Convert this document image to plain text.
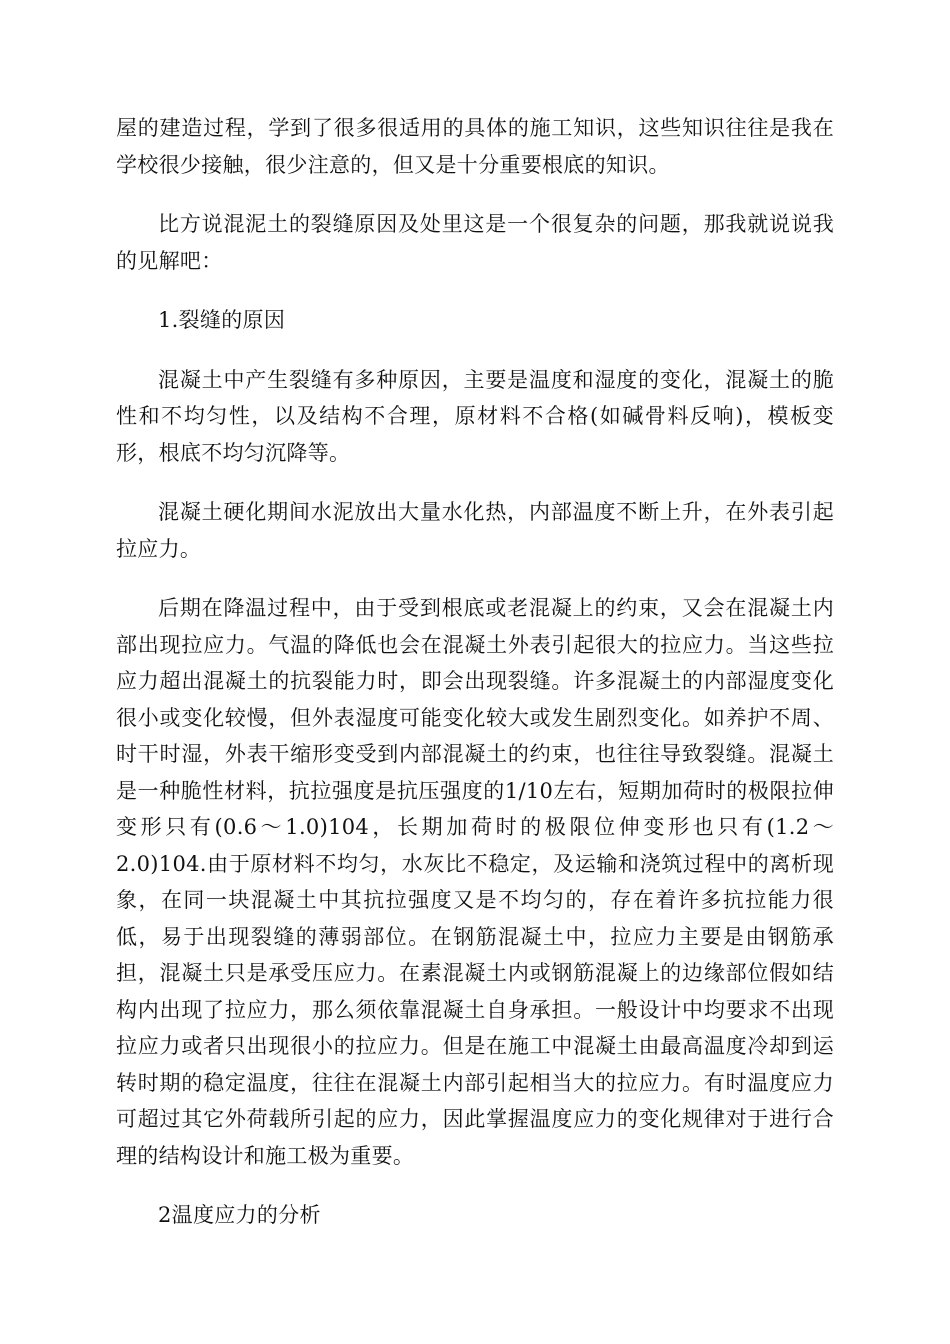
屋的建造过程，学到了很多很适用的具体的施工知识，这些知识往往是我在学校很少接触，很少注意的，但又是十分重要根底的知识。

比方说混泥土的裂缝原因及处里这是一个很复杂的问题，那我就说说我的见解吧：

1.裂缝的原因

混凝土中产生裂缝有多种原因，主要是温度和湿度的变化，混凝土的脆性和不均匀性，以及结构不合理，原材料不合格(如碱骨料反响)，模板变形，根底不均匀沉降等。

混凝土硬化期间水泥放出大量水化热，内部温度不断上升，在外表引起拉应力。

后期在降温过程中，由于受到根底或老混凝上的约束，又会在混凝土内部出现拉应力。气温的降低也会在混凝土外表引起很大的拉应力。当这些拉应力超出混凝土的抗裂能力时，即会出现裂缝。许多混凝土的内部湿度变化很小或变化较慢，但外表湿度可能变化较大或发生剧烈变化。如养护不周、时干时湿，外表干缩形变受到内部混凝土的约束，也往往导致裂缝。混凝土是一种脆性材料，抗拉强度是抗压强度的1/10左右，短期加荷时的极限拉伸变形只有(0.6～1.0)104，长期加荷时的极限位伸变形也只有(1.2～2.0)104.由于原材料不均匀，水灰比不稳定，及运输和浇筑过程中的离析现象，在同一块混凝土中其抗拉强度又是不均匀的，存在着许多抗拉能力很低，易于出现裂缝的薄弱部位。在钢筋混凝土中，拉应力主要是由钢筋承担，混凝土只是承受压应力。在素混凝土内或钢筋混凝上的边缘部位假如结构内出现了拉应力，那么须依靠混凝土自身承担。一般设计中均要求不出现拉应力或者只出现很小的拉应力。但是在施工中混凝土由最高温度冷却到运转时期的稳定温度，往往在混凝土内部引起相当大的拉应力。有时温度应力可超过其它外荷载所引起的应力，因此掌握温度应力的变化规律对于进行合理的结构设计和施工极为重要。

2温度应力的分析
